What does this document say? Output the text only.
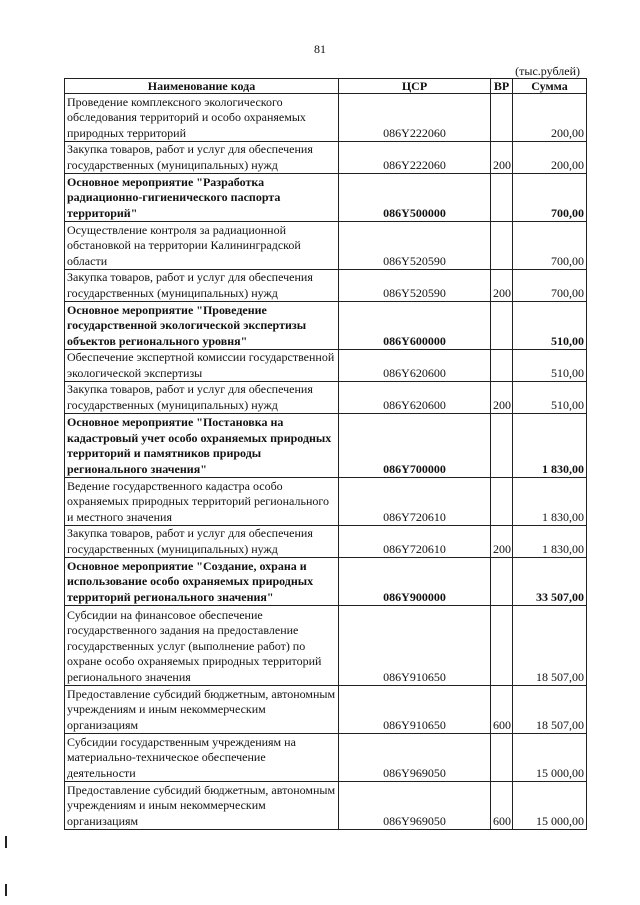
81
(тыс.рублей)
Наименование кода	ЦСР	ВР	Сумма
Проведение комплексного экологического обследования территорий и особо охраняемых природных территорий	086Y222060		200,00
Закупка товаров, работ и услуг для обеспечения государственных (муниципальных) нужд	086Y222060	200	200,00
Основное мероприятие "Разработка радиационно-гигиенического паспорта территорий"	086Y500000		700,00
Осуществление контроля за радиационной обстановкой на территории Калининградской области	086Y520590		700,00
Закупка товаров, работ и услуг для обеспечения государственных (муниципальных) нужд	086Y520590	200	700,00
Основное мероприятие "Проведение государственной экологической экспертизы объектов регионального уровня"	086Y600000		510,00
Обеспечение экспертной комиссии государственной экологической экспертизы	086Y620600		510,00
Закупка товаров, работ и услуг для обеспечения государственных (муниципальных) нужд	086Y620600	200	510,00
Основное мероприятие "Постановка на кадастровый учет особо охраняемых природных территорий и памятников природы регионального значения"	086Y700000		1 830,00
Ведение государственного кадастра особо охраняемых природных территорий регионального и местного значения	086Y720610		1 830,00
Закупка товаров, работ и услуг для обеспечения государственных (муниципальных) нужд	086Y720610	200	1 830,00
Основное мероприятие "Создание, охрана и использование особо охраняемых природных территорий регионального значения"	086Y900000		33 507,00
Субсидии на финансовое обеспечение государственного задания на предоставление государственных услуг (выполнение работ) по охране особо охраняемых природных территорий регионального значения	086Y910650		18 507,00
Предоставление субсидий бюджетным, автономным учреждениям и иным некоммерческим организациям	086Y910650	600	18 507,00
Субсидии государственным учреждениям на материально-техническое обеспечение деятельности	086Y969050		15 000,00
Предоставление субсидий бюджетным, автономным учреждениям и иным некоммерческим организациям	086Y969050	600	15 000,00
